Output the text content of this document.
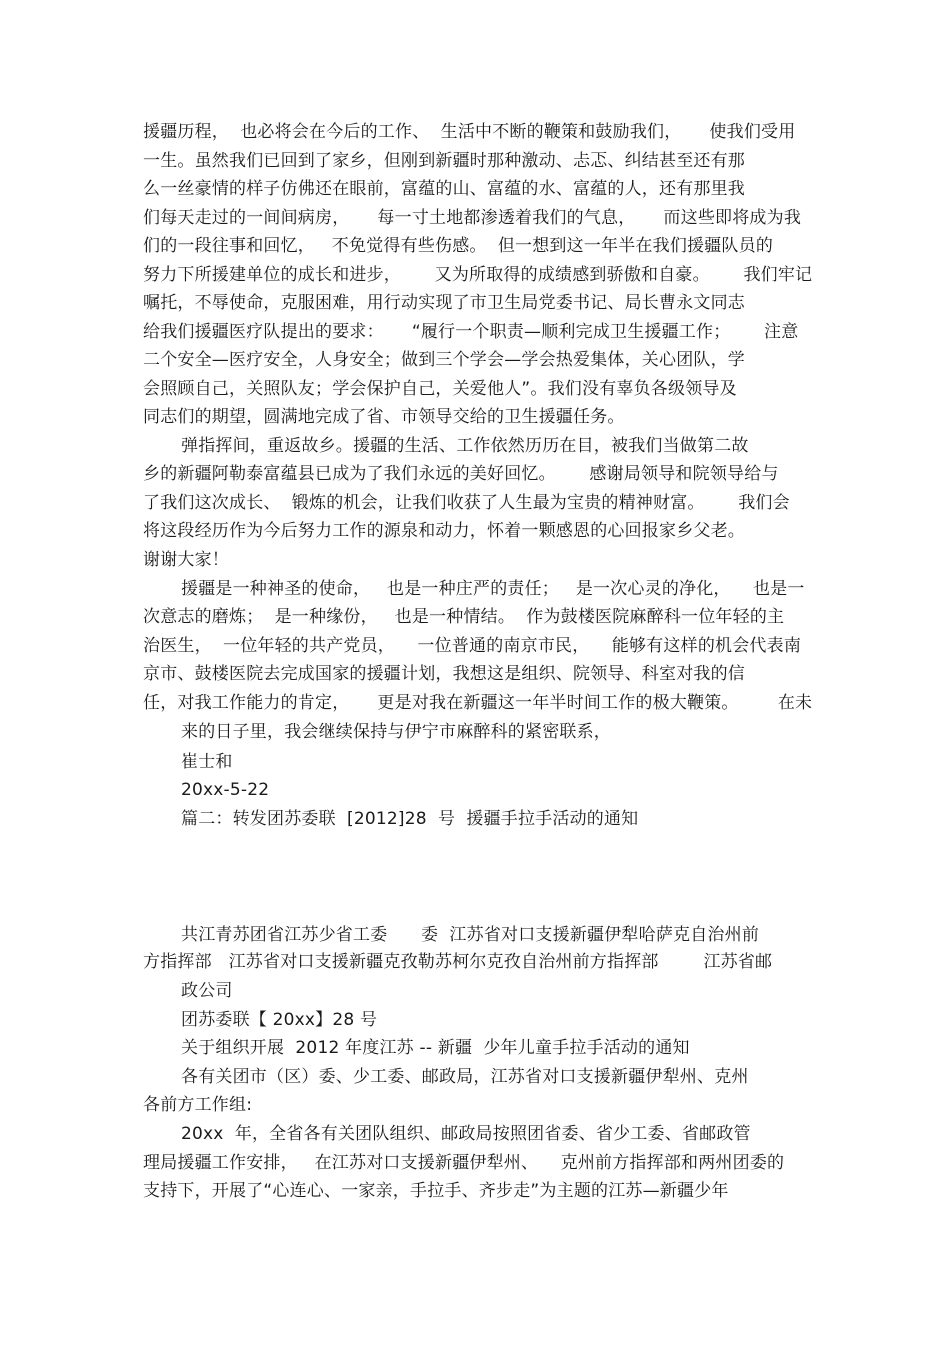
援疆历程，  也必将会在今后的工作、  生活中不断的鞭策和鼓励我们，     使我们受用
一生。虽然我们已回到了家乡，但刚到新疆时那种激动、忐忑、纠结甚至还有那
么一丝豪情的样子仿佛还在眼前，富蕴的山、富蕴的水、富蕴的人，还有那里我
们每天走过的一间间病房，     每一寸土地都渗透着我们的气息，     而这些即将成为我
们的一段往事和回忆，   不免觉得有些伤感。  但一想到这一年半在我们援疆队员的
努力下所援建单位的成长和进步，      又为所取得的成绩感到骄傲和自豪。      我们牢记
嘱托，不辱使命，克服困难，用行动实现了市卫生局党委书记、局长曹永文同志
给我们援疆医疗队提出的要求：     “履行一个职责—顺利完成卫生援疆工作；      注意
二个安全—医疗安全，人身安全；做到三个学会—学会热爱集体，关心团队，学
会照顾自己，关照队友；学会保护自己，关爱他人”。我们没有辜负各级领导及
同志们的期望，圆满地完成了省、市领导交给的卫生援疆任务。
弹指挥间，重返故乡。援疆的生活、工作依然历历在目，被我们当做第二故
乡的新疆阿勒泰富蕴县已成为了我们永远的美好回忆。      感谢局领导和院领导给与
了我们这次成长、  锻炼的机会，让我们收获了人生最为宝贵的精神财富。      我们会
将这段经历作为今后努力工作的源泉和动力，怀着一颗感恩的心回报家乡父老。
谢谢大家！
援疆是一种神圣的使命，   也是一种庄严的责任；   是一次心灵的净化，    也是一
次意志的磨炼；  是一种缘份，   也是一种情结。  作为鼓楼医院麻醉科一位年轻的主
治医生，  一位年轻的共产党员，    一位普通的南京市民，    能够有这样的机会代表南
京市、鼓楼医院去完成国家的援疆计划，我想这是组织、院领导、科室对我的信
任，对我工作能力的肯定，     更是对我在新疆这一年半时间工作的极大鞭策。       在未
来的日子里，我会继续保持与伊宁市麻醉科的紧密联系，
崔士和
20xx-5-22
篇二：转发团苏委联  [2012]28  号  援疆手拉手活动的通知
共江青苏团省江苏少省工委      委  江苏省对口支援新疆伊犁哈萨克自治州前
方指挥部   江苏省对口支援新疆克孜勒苏柯尔克孜自治州前方指挥部        江苏省邮
政公司
团苏委联【 20xx】28 号
关于组织开展  2012 年度江苏 -- 新疆  少年儿童手拉手活动的通知
各有关团市（区）委、少工委、邮政局，江苏省对口支援新疆伊犁州、克州
各前方工作组:
20xx  年，全省各有关团队组织、邮政局按照团省委、省少工委、省邮政管
理局援疆工作安排，   在江苏对口支援新疆伊犁州、    克州前方指挥部和两州团委的
支持下，开展了“心连心、一家亲，手拉手、齐步走”为主题的江苏—新疆少年
